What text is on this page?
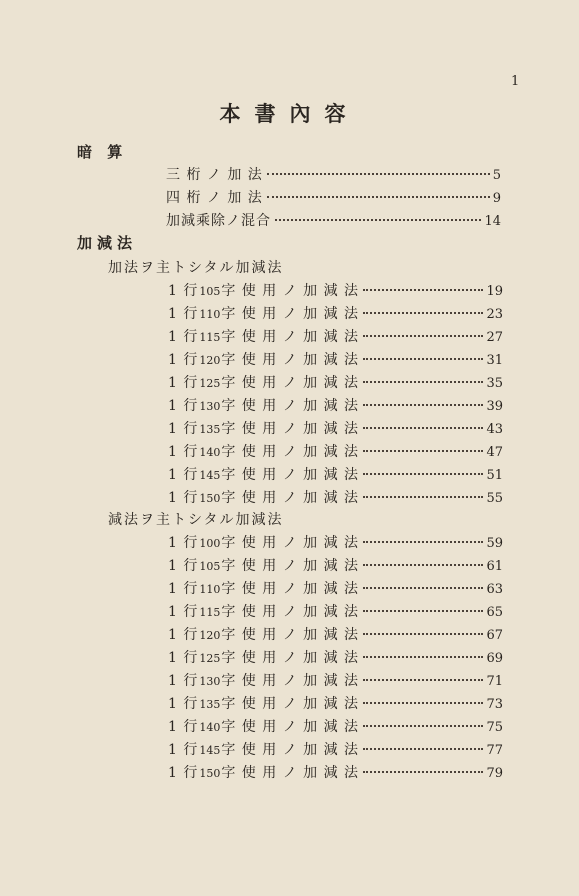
1
本書內容
暗 算
三 桁 ノ 加 法	5
四 桁 ノ 加 法	9
加減乘除ノ混合	14
加減法
加法ヲ主トシタル加減法
1 行 105 字 使 用 ノ 加 減 法	19
1 行 110 字 使 用 ノ 加 減 法	23
1 行 115 字 使 用 ノ 加 減 法	27
1 行 120 字 使 用 ノ 加 減 法	31
1 行 125 字 使 用 ノ 加 減 法	35
1 行 130 字 使 用 ノ 加 減 法	39
1 行 135 字 使 用 ノ 加 減 法	43
1 行 140 字 使 用 ノ 加 減 法	47
1 行 145 字 使 用 ノ 加 減 法	51
1 行 150 字 使 用 ノ 加 減 法	55
減法ヲ主トシタル加減法
1 行 100 字 使 用 ノ 加 減 法	59
1 行 105 字 使 用 ノ 加 減 法	61
1 行 110 字 使 用 ノ 加 減 法	63
1 行 115 字 使 用 ノ 加 減 法	65
1 行 120 字 使 用 ノ 加 減 法	67
1 行 125 字 使 用 ノ 加 減 法	69
1 行 130 字 使 用 ノ 加 減 法	71
1 行 135 字 使 用 ノ 加 減 法	73
1 行 140 字 使 用 ノ 加 減 法	75
1 行 145 字 使 用 ノ 加 減 法	77
1 行 150 字 使 用 ノ 加 減 法	79
